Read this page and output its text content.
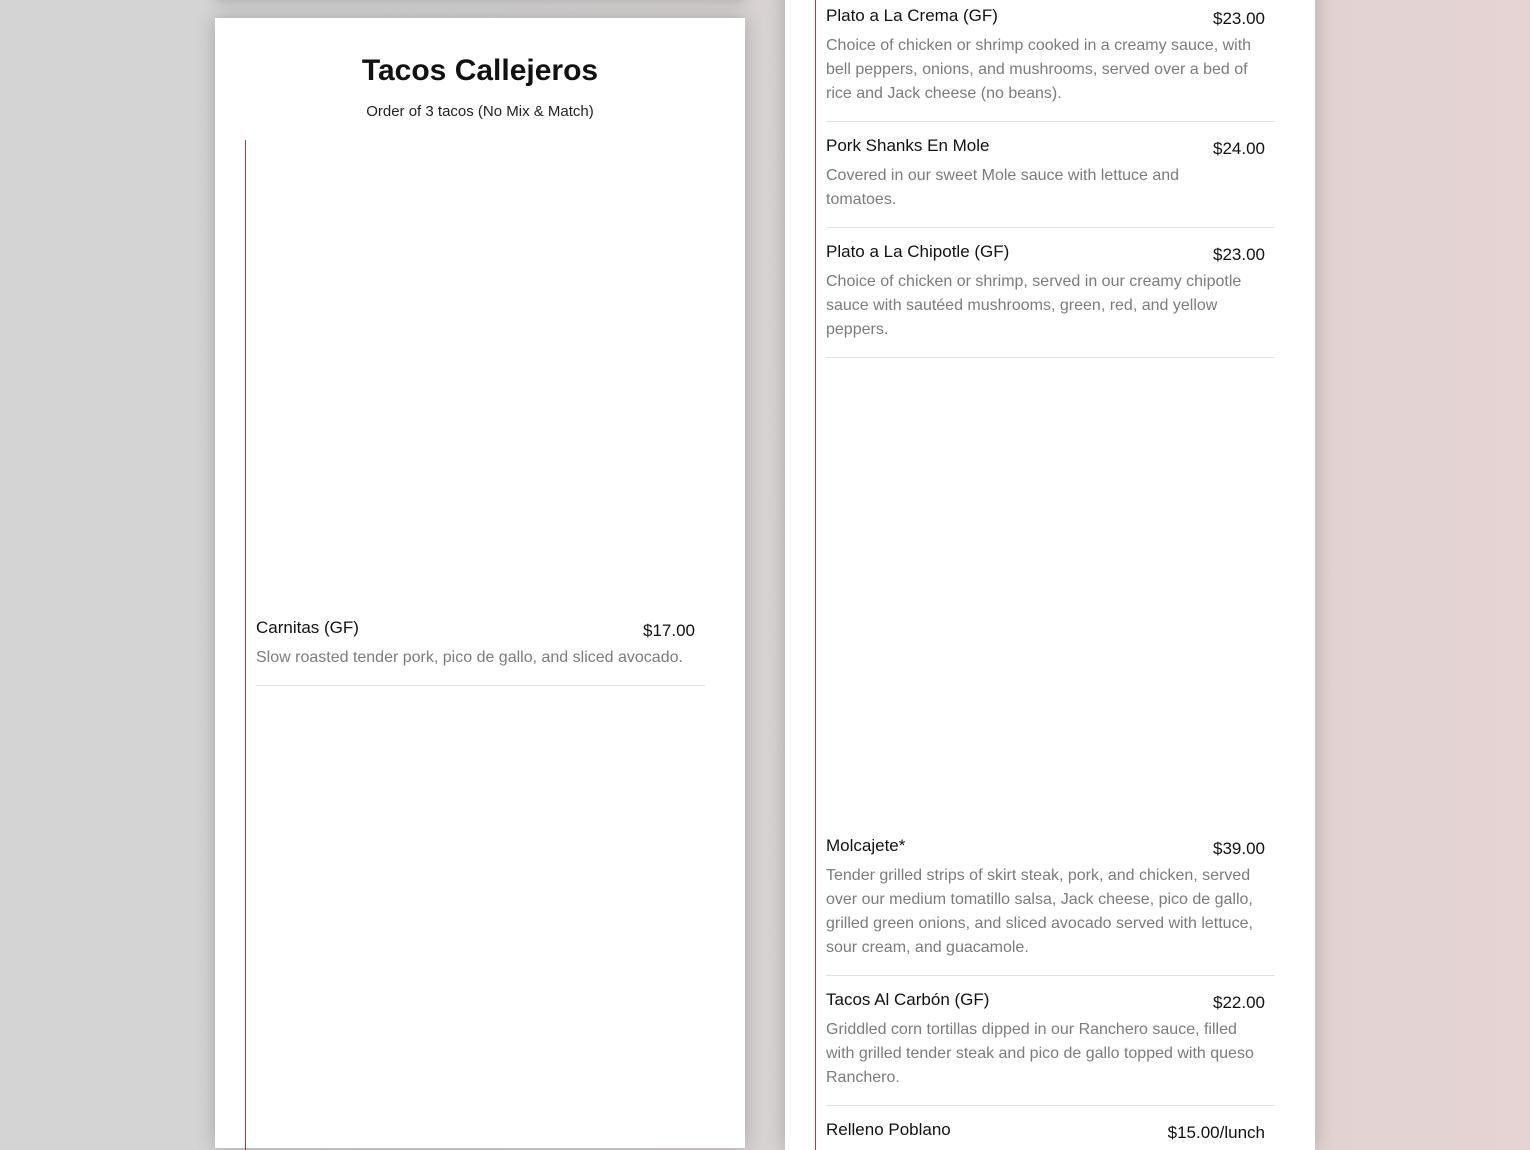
Tacos Callejeros

Order of 3 tacos (No Mix & Match)

Carnitas (GF)	$17.00
Slow roasted tender pork, pico de gallo, and sliced avocado.
Plato a La Crema (GF)	$23.00
Choice of chicken or shrimp cooked in a creamy sauce, with bell peppers, onions, and mushrooms, served over a bed of rice and Jack cheese (no beans).
Pork Shanks En Mole	$24.00
Covered in our sweet Mole sauce with lettuce and tomatoes.
Plato a La Chipotle (GF)	$23.00
Choice of chicken or shrimp, served in our creamy chipotle sauce with sautéed mushrooms, green, red, and yellow peppers.
Molcajete*	$39.00
Tender grilled strips of skirt steak, pork, and chicken, served over our medium tomatillo salsa, Jack cheese, pico de gallo, grilled green onions, and sliced avocado served with lettuce, sour cream, and guacamole.
Tacos Al Carbón (GF)	$22.00
Griddled corn tortillas dipped in our Ranchero sauce, filled with grilled tender steak and pico de gallo topped with queso Ranchero.
Relleno Poblano	$15.00/lunch
